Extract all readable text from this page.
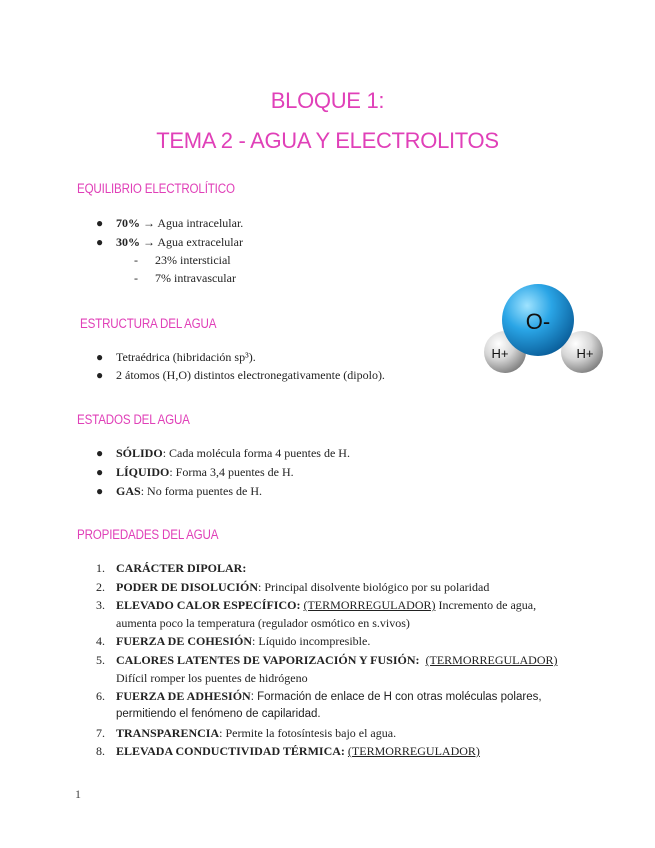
BLOQUE 1:
TEMA 2 - AGUA Y ELECTROLITOS
EQUILIBRIO ELECTROLÍTICO
● 70% → Agua intracelular.
● 30% → Agua extracelular
- 23% intersticial
- 7% intravascular
ESTRUCTURA DEL AGUA
● Tetraédrica (hibridación sp³).
● 2 átomos (H,O) distintos electronegativamente (dipolo).
O-
H+	H+
ESTADOS DEL AGUA
● SÓLIDO: Cada molécula forma 4 puentes de H.
● LÍQUIDO: Forma 3,4 puentes de H.
● GAS: No forma puentes de H.
PROPIEDADES DEL AGUA
1. CARÁCTER DIPOLAR:
2. PODER DE DISOLUCIÓN: Principal disolvente biológico por su polaridad
3. ELEVADO CALOR ESPECÍFICO: (TERMORREGULADOR) Incremento de agua,
aumenta poco la temperatura (regulador osmótico en s.vivos)
4. FUERZA DE COHESIÓN: Líquido incompresible.
5. CALORES LATENTES DE VAPORIZACIÓN Y FUSIÓN: (TERMORREGULADOR)
Difícil romper los puentes de hidrógeno
6. FUERZA DE ADHESIÓN: Formación de enlace de H con otras moléculas polares,
permitiendo el fenómeno de capilaridad.
7. TRANSPARENCIA: Permite la fotosíntesis bajo el agua.
8. ELEVADA CONDUCTIVIDAD TÉRMICA: (TERMORREGULADOR)
1
